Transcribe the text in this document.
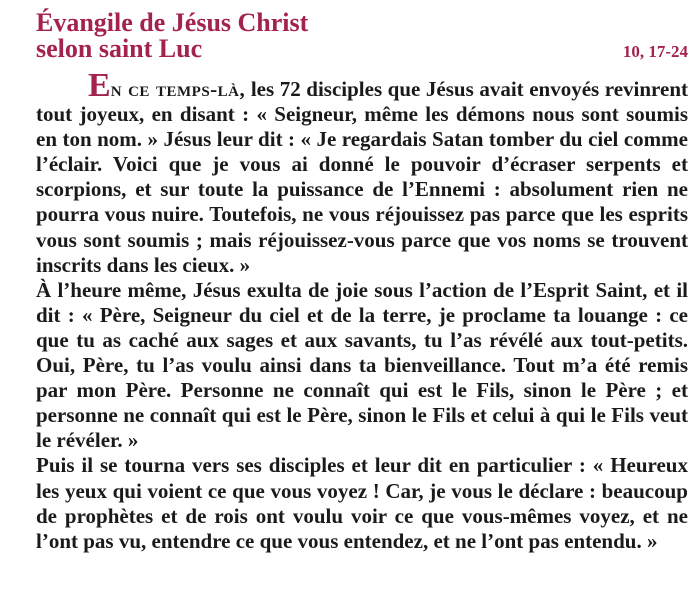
Évangile de Jésus Christ
selon saint Luc	10, 17-24

En ce temps-là, les 72 disciples que Jésus avait envoyés revinrent tout joyeux, en disant : « Seigneur, même les démons nous sont soumis en ton nom. » Jésus leur dit : « Je regardais Satan tomber du ciel comme l’éclair. Voici que je vous ai donné le pouvoir d’écraser serpents et scorpions, et sur toute la puissance de l’Ennemi : absolument rien ne pourra vous nuire. Toutefois, ne vous réjouissez pas parce que les esprits vous sont soumis ; mais réjouissez-vous parce que vos noms se trouvent inscrits dans les cieux. »

À l’heure même, Jésus exulta de joie sous l’action de l’Esprit Saint, et il dit : « Père, Seigneur du ciel et de la terre, je proclame ta louange : ce que tu as caché aux sages et aux savants, tu l’as révélé aux tout-petits. Oui, Père, tu l’as voulu ainsi dans ta bienveillance. Tout m’a été remis par mon Père. Personne ne connaît qui est le Fils, sinon le Père ; et personne ne connaît qui est le Père, sinon le Fils et celui à qui le Fils veut le révéler. »

Puis il se tourna vers ses disciples et leur dit en particulier : « Heureux les yeux qui voient ce que vous voyez ! Car, je vous le déclare : beaucoup de prophètes et de rois ont voulu voir ce que vous-mêmes voyez, et ne l’ont pas vu, entendre ce que vous entendez, et ne l’ont pas entendu. »
